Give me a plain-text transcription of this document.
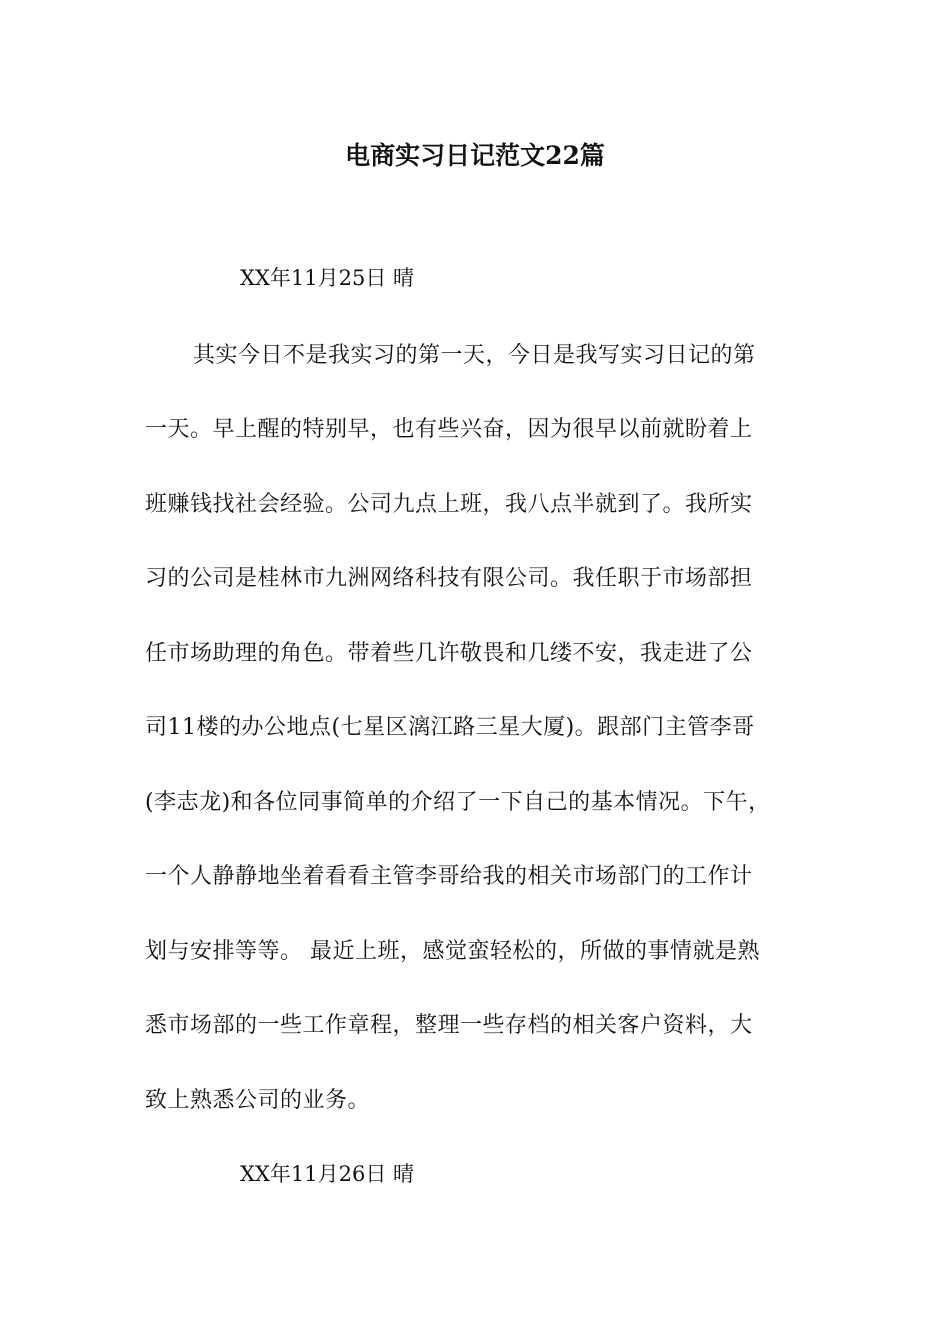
电商实习日记范文22篇

XX年11月25日 晴

其实今日不是我实习的第一天，今日是我写实习日记的第

一天。早上醒的特别早，也有些兴奋，因为很早以前就盼着上

班赚钱找社会经验。公司九点上班，我八点半就到了。我所实

习的公司是桂林市九洲网络科技有限公司。我任职于市场部担

任市场助理的角色。带着些几许敬畏和几缕不安，我走进了公

司11楼的办公地点(七星区漓江路三星大厦)。跟部门主管李哥

(李志龙)和各位同事简单的介绍了一下自己的基本情况。下午，

一个人静静地坐着看看主管李哥给我的相关市场部门的工作计

划与安排等等。 最近上班，感觉蛮轻松的，所做的事情就是熟

悉市场部的一些工作章程，整理一些存档的相关客户资料，大

致上熟悉公司的业务。

XX年11月26日 晴
